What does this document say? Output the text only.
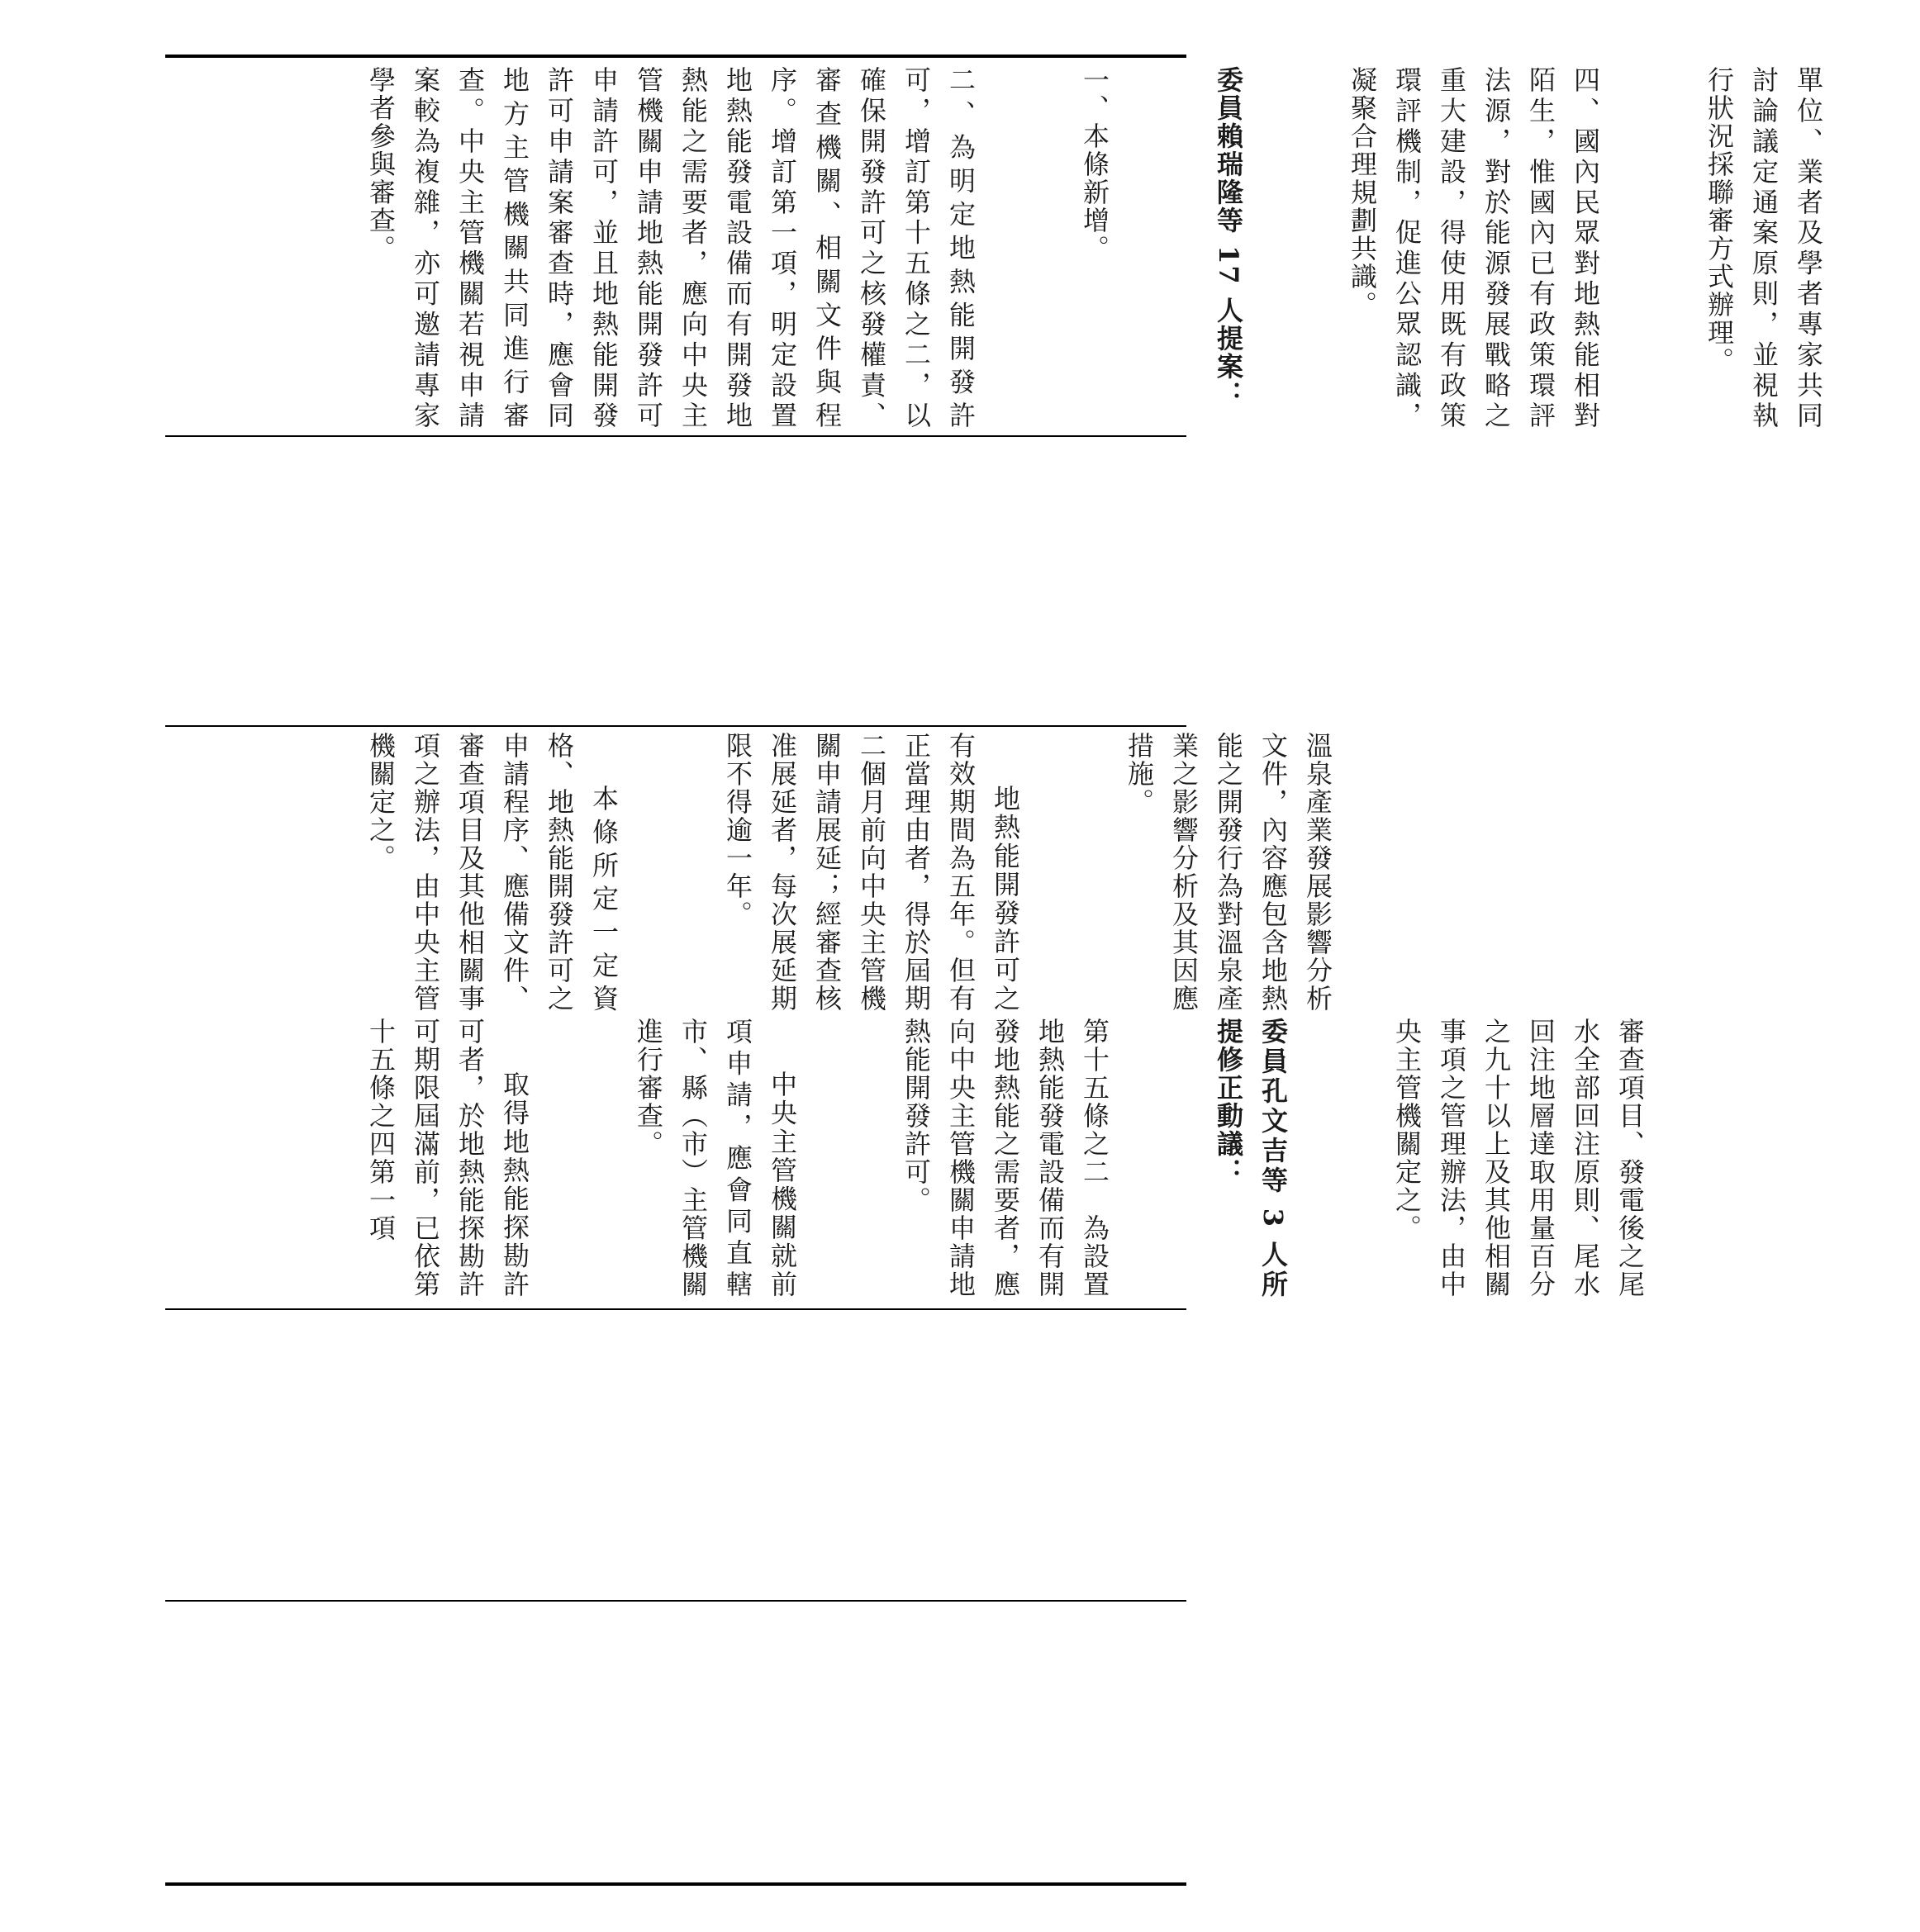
單位、業者及學者專家共同討論議定通案原則，並視執行狀況採聯審方式辦理。

四、國內民眾對地熱能相對陌生，惟國內已有政策環評法源，對於能源發展戰略之重大建設，得使用既有政策環評機制，促進公眾認識，凝聚合理規劃共識。

委員賴瑞隆等 17 人提案：

一、本條新增。

二、為明定地熱能開發許可，增訂第十五條之二，以確保開發許可之核發權責、審查機關、相關文件與程序。增訂第一項，明定設置地熱能發電設備而有開發地熱能之需要者，應向中央主管機關申請地熱能開發許可申請許可，並且地熱能開發許可申請案審查時，應會同地方主管機關共同進行審查。中央主管機關若視申請案較為複雜，亦可邀請專家學者參與審查。

溫泉產業發展影響分析文件，內容應包含地熱能之開發行為對溫泉產業之影響分析及其因應措施。

地熱能開發許可之有效期間為五年。但有正當理由者，得於屆期二個月前向中央主管機關申請展延；經審查核准展延者，每次展延期限不得逾一年。

本條所定一定資格、地熱能開發許可之申請程序、應備文件、審查項目及其他相關事項之辦法，由中央主管機關定之。

審查項目、發電後之尾水全部回注原則、尾水回注地層達取用量百分之九十以上及其他相關事項之管理辦法，由中央主管機關定之。

委員孔文吉等 3 人所提修正動議：

第十五條之二　為設置地熱能發電設備而有開發地熱能之需要者，應向中央主管機關申請地熱能開發許可。

中央主管機關就前項申請，應會同直轄市、縣（市）主管機關進行審查。

取得地熱能探勘許可者，於地熱能探勘許可期限屆滿前，已依第十五條之四第一項
